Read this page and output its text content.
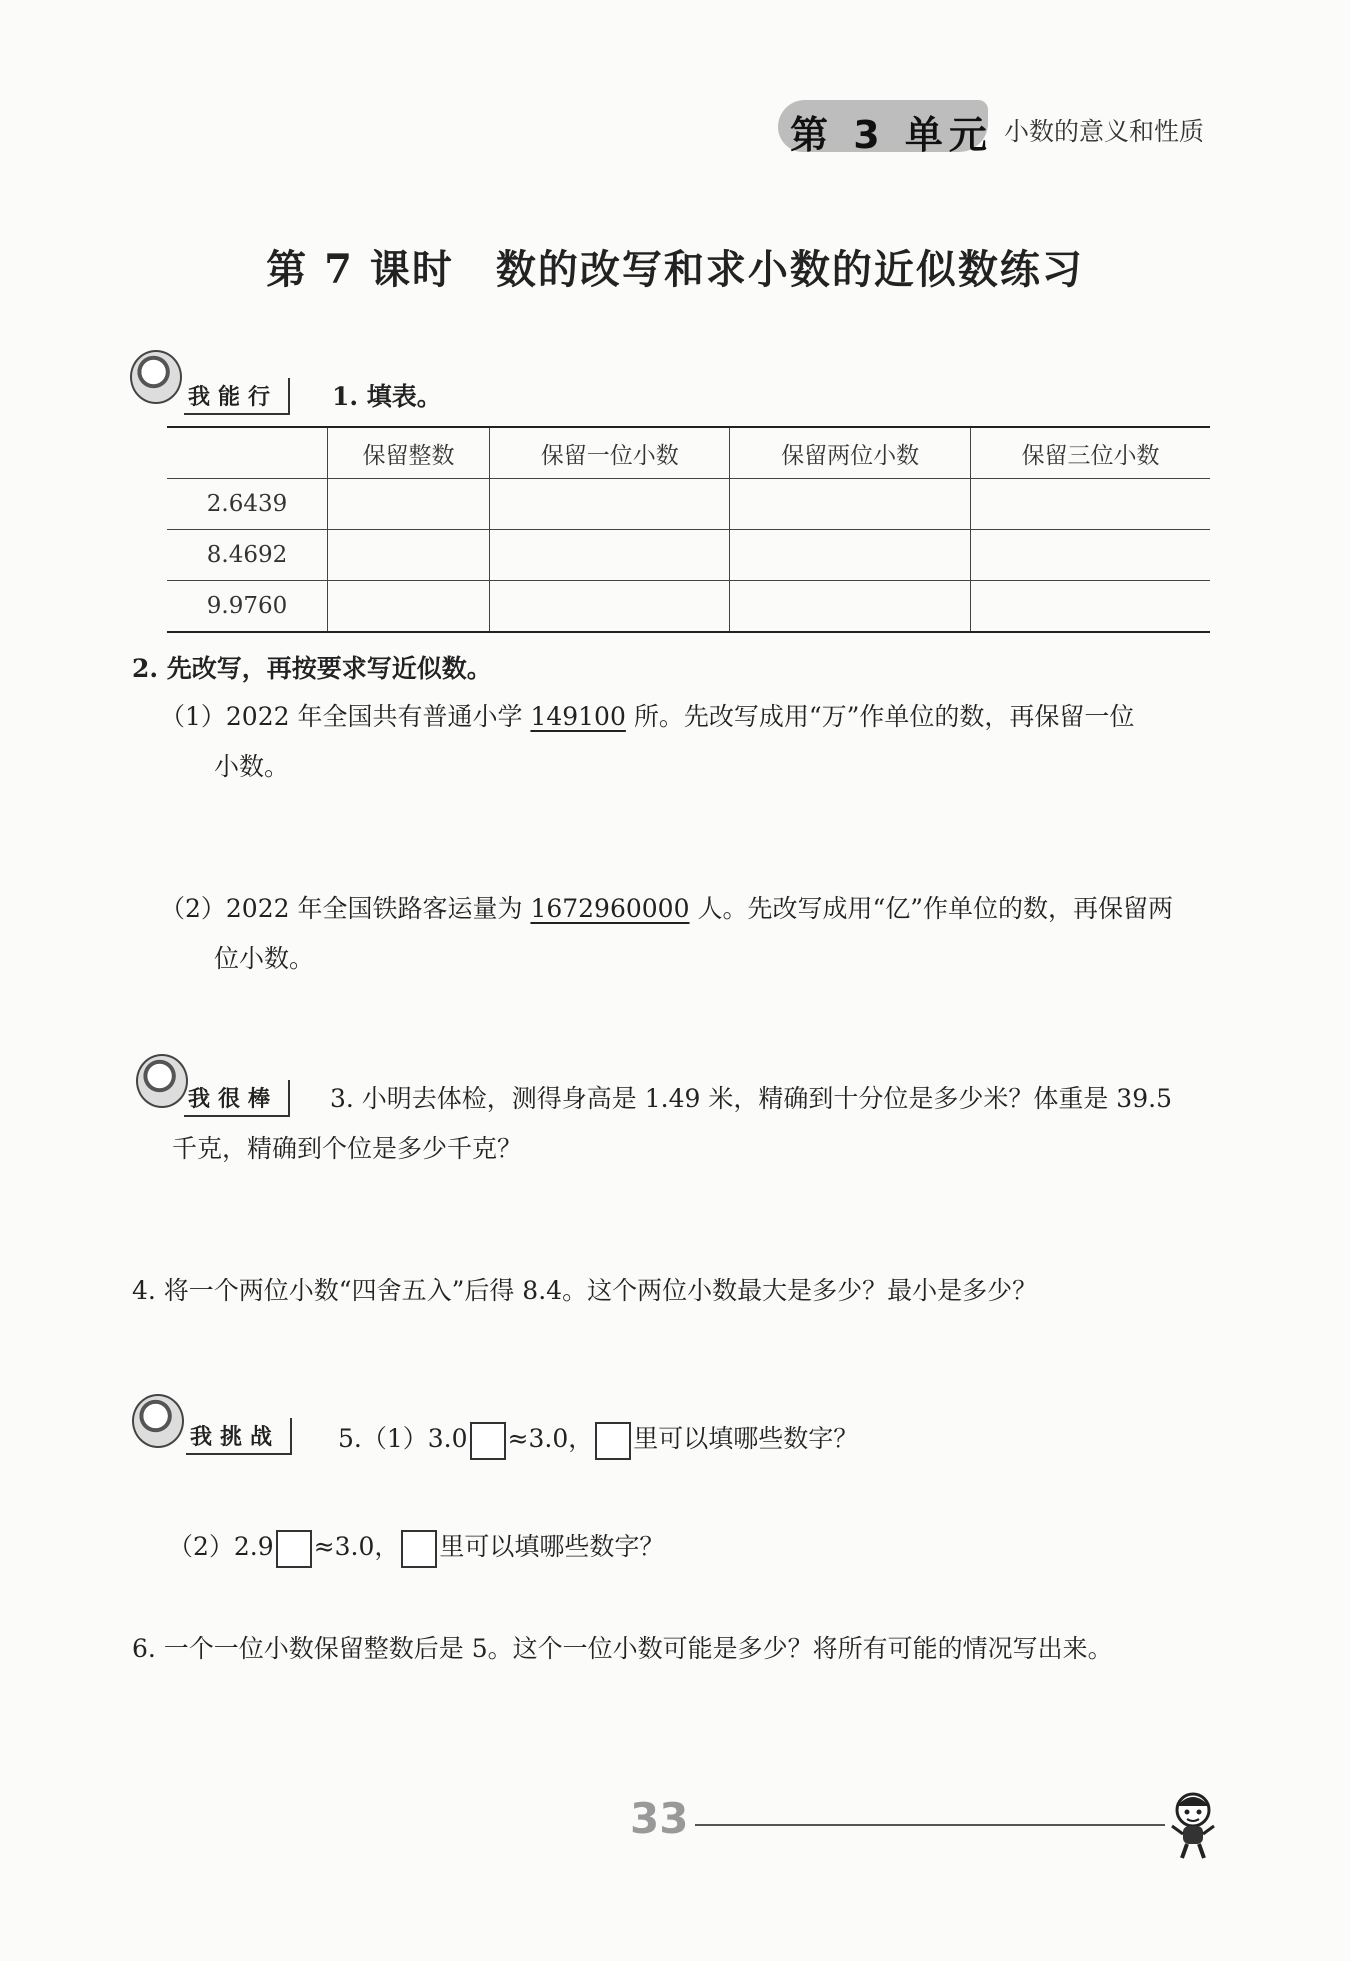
第 3 单元 小数的意义和性质
第 7 课时　数的改写和求小数的近似数练习
我能行	1. 填表。
	保留整数	保留一位小数	保留两位小数	保留三位小数
2.6439				
8.4692				
9.9760				
2. 先改写，再按要求写近似数。
（1）2022 年全国共有普通小学 149100 所。先改写成用“万”作单位的数，再保留一位
小数。
（2）2022 年全国铁路客运量为 1672960000 人。先改写成用“亿”作单位的数，再保留两
位小数。
我很棒	3. 小明去体检，测得身高是 1.49 米，精确到十分位是多少米？体重是 39.5
千克，精确到个位是多少千克？
4. 将一个两位小数“四舍五入”后得 8.4。这个两位小数最大是多少？最小是多少？
我挑战	5.（1）3.0 ≈3.0， 里可以填哪些数字？
（2）2.9 ≈3.0， 里可以填哪些数字？
6. 一个一位小数保留整数后是 5。这个一位小数可能是多少？将所有可能的情况写出来。
33
